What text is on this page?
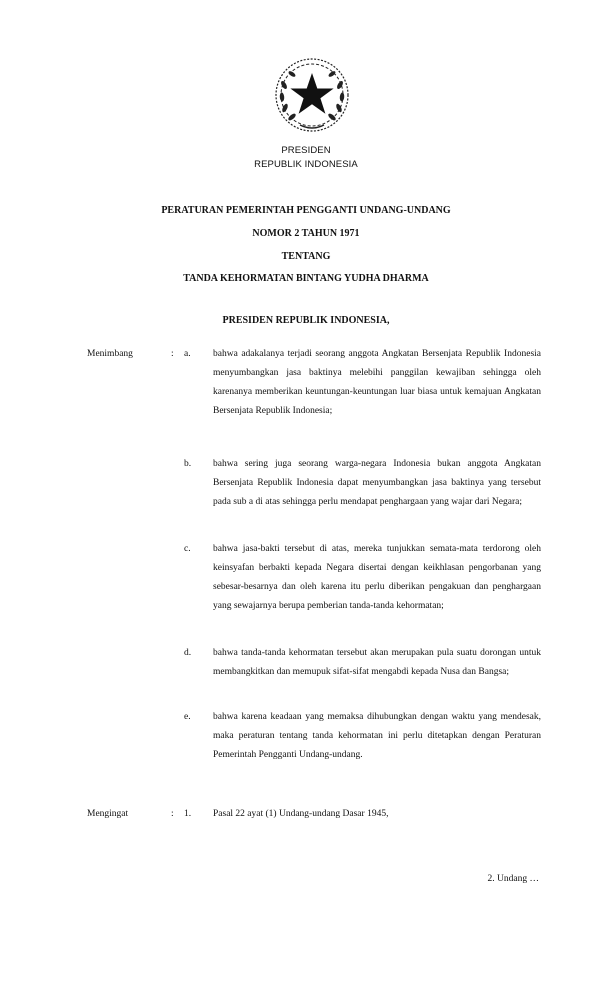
PRESIDEN
REPUBLIK INDONESIA
PERATURAN PEMERINTAH PENGGANTI UNDANG-UNDANG
NOMOR 2 TAHUN 1971
TENTANG
TANDA KEHORMATAN BINTANG YUDHA DHARMA
PRESIDEN REPUBLIK INDONESIA,
Menimbang	: a. bahwa adakalanya terjadi seorang anggota Angkatan Bersenjata Republik Indonesia menyumbangkan jasa baktinya melebihi panggilan kewajiban sehingga oleh karenanya memberikan keuntungan-keuntungan luar biasa untuk kemajuan Angkatan Bersenjata Republik Indonesia;
b. bahwa sering juga seorang warga-negara Indonesia bukan anggota Angkatan Bersenjata Republik Indonesia dapat menyumbangkan jasa baktinya yang tersebut pada sub a di atas sehingga perlu mendapat penghargaan yang wajar dari Negara;
c. bahwa jasa-bakti tersebut di atas, mereka tunjukkan semata-mata terdorong oleh keinsyafan berbakti kepada Negara disertai dengan keikhlasan pengorbanan yang sebesar-besarnya dan oleh karena itu perlu diberikan pengakuan dan penghargaan yang sewajarnya berupa pemberian tanda-tanda kehormatan;
d. bahwa tanda-tanda kehormatan tersebut akan merupakan pula suatu dorongan untuk membangkitkan dan memupuk sifat-sifat mengabdi kepada Nusa dan Bangsa;
e. bahwa karena keadaan yang memaksa dihubungkan dengan waktu yang mendesak, maka peraturan tentang tanda kehormatan ini perlu ditetapkan dengan Peraturan Pemerintah Pengganti Undang-undang.
Mengingat	: 1. Pasal 22 ayat (1) Undang-undang Dasar 1945,
2. Undang …
